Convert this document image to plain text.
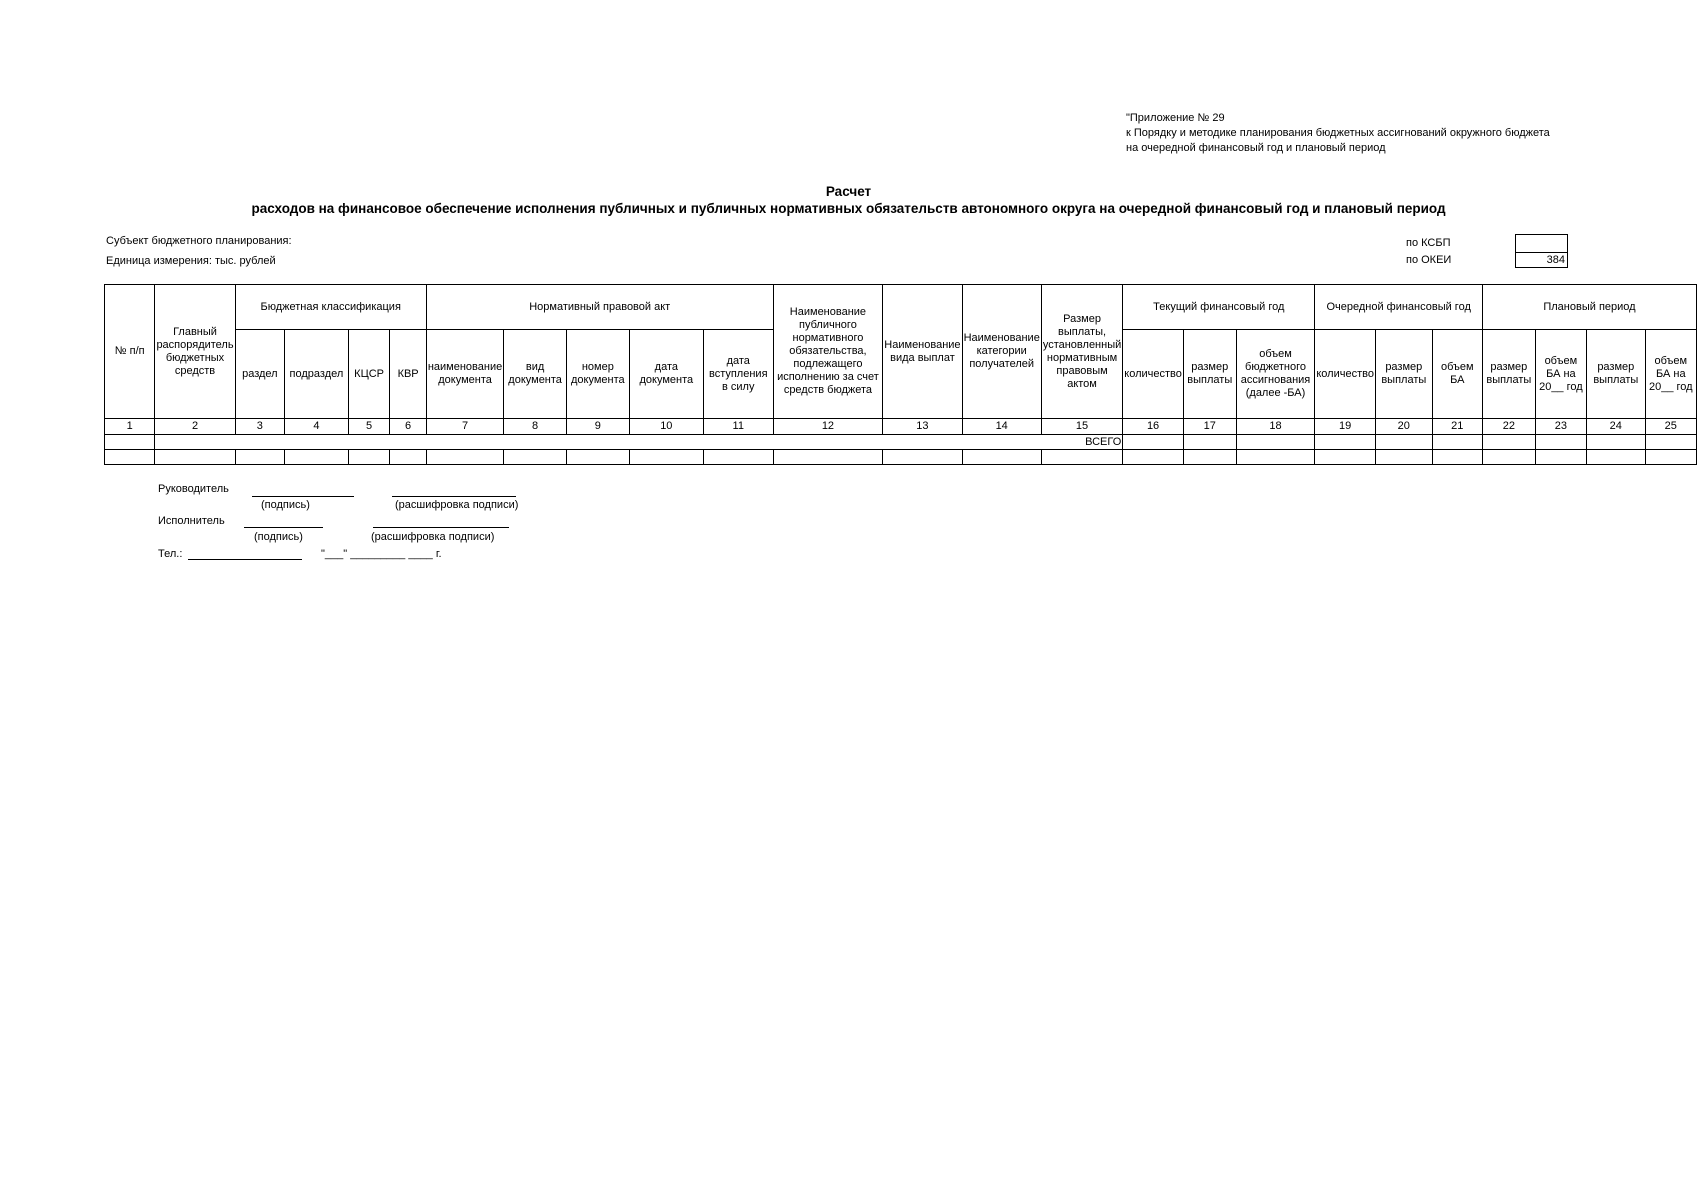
"Приложение № 29
к Порядку и методике планирования бюджетных ассигнований окружного бюджета
на очередной финансовый год и плановый период
Расчет
расходов на финансовое обеспечение исполнения публичных и публичных нормативных обязательств автономного округа на очередной финансовый год и плановый период
Субъект бюджетного планирования:
Единица измерения: тыс. рублей
по КСБП
по ОКЕИ	384
№ п/п	Главный распорядитель бюджетных средств	Бюджетная классификация				Нормативный правовой акт					Наименование публичного нормативного обязательства, подлежащего исполнению за счет средств бюджета	Наименование вида выплат	Наименование категории получателей	Размер выплаты, установленный нормативным правовым актом	Текущий финансовый год			Очередной финансовый год			Плановый период			
		раздел	подраздел	КЦСР	КВР	наименование документа	вид документа	номер документа	дата документа	дата вступления в силу					количество	размер выплаты	объем бюджетного ассигнования (далее -БА)	количество	размер выплаты	объем БА	размер выплаты	объем БА на 20__ год	размер выплаты	объем БА на 20__ год
1	2	3	4	5	6	7	8	9	10	11	12	13	14	15	16	17	18	19	20	21	22	23	24	25
	ВСЕГО																							

Руководитель
(подпись)	(расшифровка подписи)
Исполнитель
(подпись)	(расшифровка подписи)
Тел.:	"___" _________ ____ г.
